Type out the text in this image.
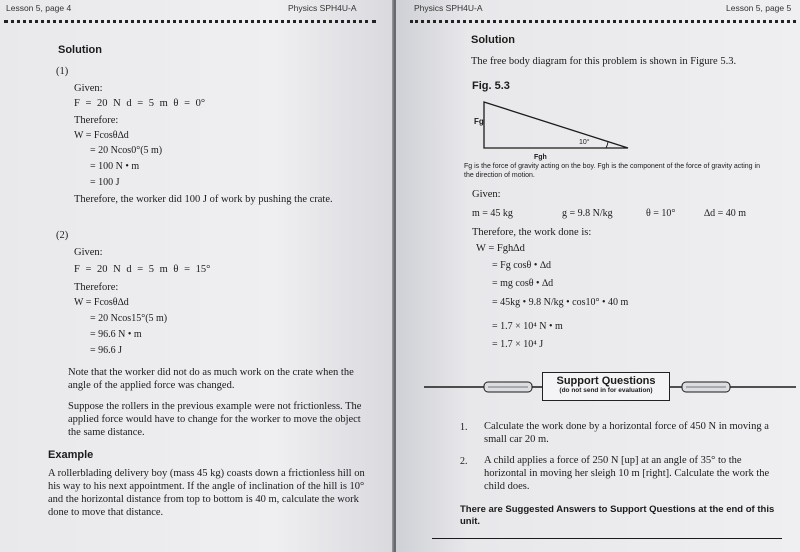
Lesson 5, page 4	Physics SPH4U-A
Solution
(1)
Given:
F = 20 N d = 5 m θ = 0°
Therefore:
W = Fcosθ∆d
= 20 Ncos0°(5 m)
= 100 N • m
= 100 J
Therefore, the worker did 100 J of work by pushing the crate.
(2)
Given:
F = 20 N d = 5 m θ = 15°
Therefore:
W = Fcosθ∆d
= 20 Ncos15°(5 m)
= 96.6 N • m
= 96.6 J
Note that the worker did not do as much work on the crate when the angle of the applied force was changed.
Suppose the rollers in the previous example were not frictionless. The applied force would have to change for the worker to move the object the same distance.
Example
A rollerblading delivery boy (mass 45 kg) coasts down a frictionless hill on his way to his next appointment. If the angle of inclination of the hill is 10° and the horizontal distance from top to bottom is 40 m, calculate the work done to move that distance.
Physics SPH4U-A	Lesson 5, page 5
Solution
The free body diagram for this problem is shown in Figure 5.3.
Fig. 5.3
Fg
10°
Fgh
Fg is the force of gravity acting on the boy. Fgh is the component of the force of gravity acting in the direction of motion.
Given:
m = 45 kg	g = 9.8 N/kg	θ = 10°	∆d = 40 m
Therefore, the work done is:
W = Fgh∆d
= Fg cosθ • ∆d
= mg cosθ • ∆d
= 45kg • 9.8 N/kg • cos10° • 40 m
= 1.7 × 10⁴ N • m
= 1.7 × 10⁴ J
Support Questions
(do not send in for evaluation)
1. Calculate the work done by a horizontal force of 450 N in moving a small car 20 m.
2. A child applies a force of 250 N [up] at an angle of 35° to the horizontal in moving her sleigh 10 m [right]. Calculate the work the child does.
There are Suggested Answers to Support Questions at the end of this unit.
